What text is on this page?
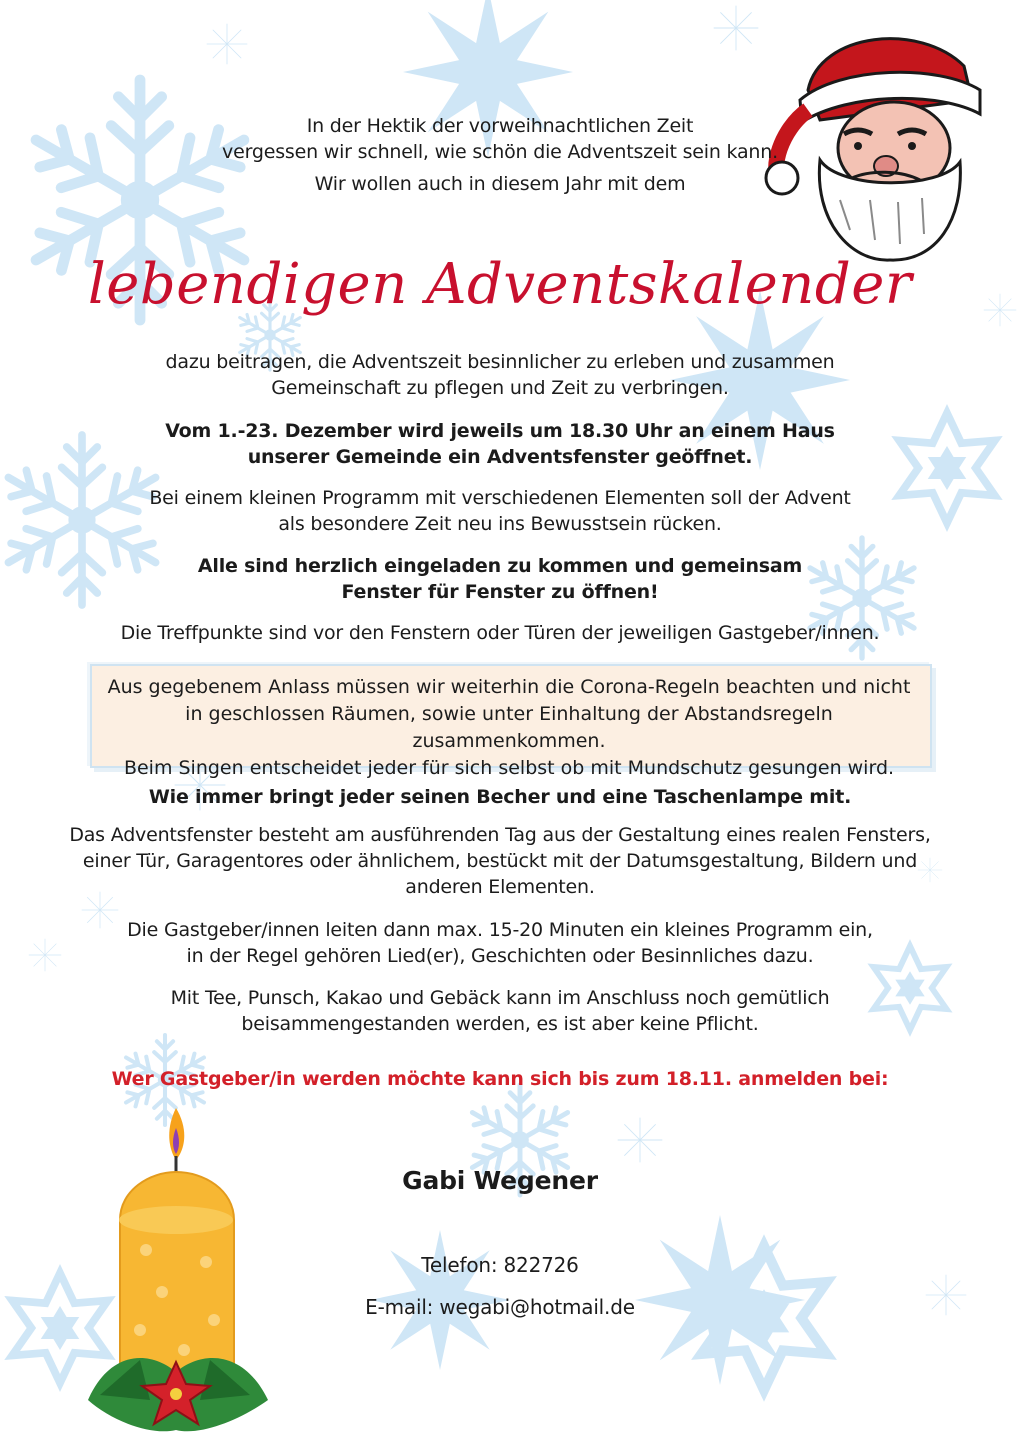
In der Hektik der vorweihnachtlichen Zeit
vergessen wir schnell, wie schön die Adventszeit sein kann.
Wir wollen auch in diesem Jahr mit dem
lebendigen Adventskalender
dazu beitragen, die Adventszeit besinnlicher zu erleben und zusammen
Gemeinschaft zu pflegen und Zeit zu verbringen.
Vom 1.-23. Dezember wird jeweils um 18.30 Uhr an einem Haus
unserer Gemeinde ein Adventsfenster geöffnet.
Bei einem kleinen Programm mit verschiedenen Elementen soll der Advent
als besondere Zeit neu ins Bewusstsein rücken.
Alle sind herzlich eingeladen zu kommen und gemeinsam
Fenster für Fenster zu öffnen!
Die Treffpunkte sind vor den Fenstern oder Türen der jeweiligen Gastgeber/innen.
Aus gegebenem Anlass müssen wir weiterhin die Corona-Regeln beachten und nicht
in geschlossen Räumen, sowie unter Einhaltung der Abstandsregeln zusammenkommen.
Beim Singen entscheidet jeder für sich selbst ob mit Mundschutz gesungen wird.
Wie immer bringt jeder seinen Becher und eine Taschenlampe mit.
Das Adventsfenster besteht am ausführenden Tag aus der Gestaltung eines realen Fensters,
einer Tür, Garagentores oder ähnlichem, bestückt mit der Datumsgestaltung, Bildern und
anderen Elementen.
Die Gastgeber/innen leiten dann max. 15-20 Minuten ein kleines Programm ein,
in der Regel gehören Lied(er), Geschichten oder Besinnliches dazu.
Mit Tee, Punsch, Kakao und Gebäck kann im Anschluss noch gemütlich
beisammengestanden werden, es ist aber keine Pflicht.
Wer Gastgeber/in werden möchte kann sich bis zum 18.11. anmelden bei:
Gabi Wegener
Telefon: 822726
E-mail: wegabi@hotmail.de
